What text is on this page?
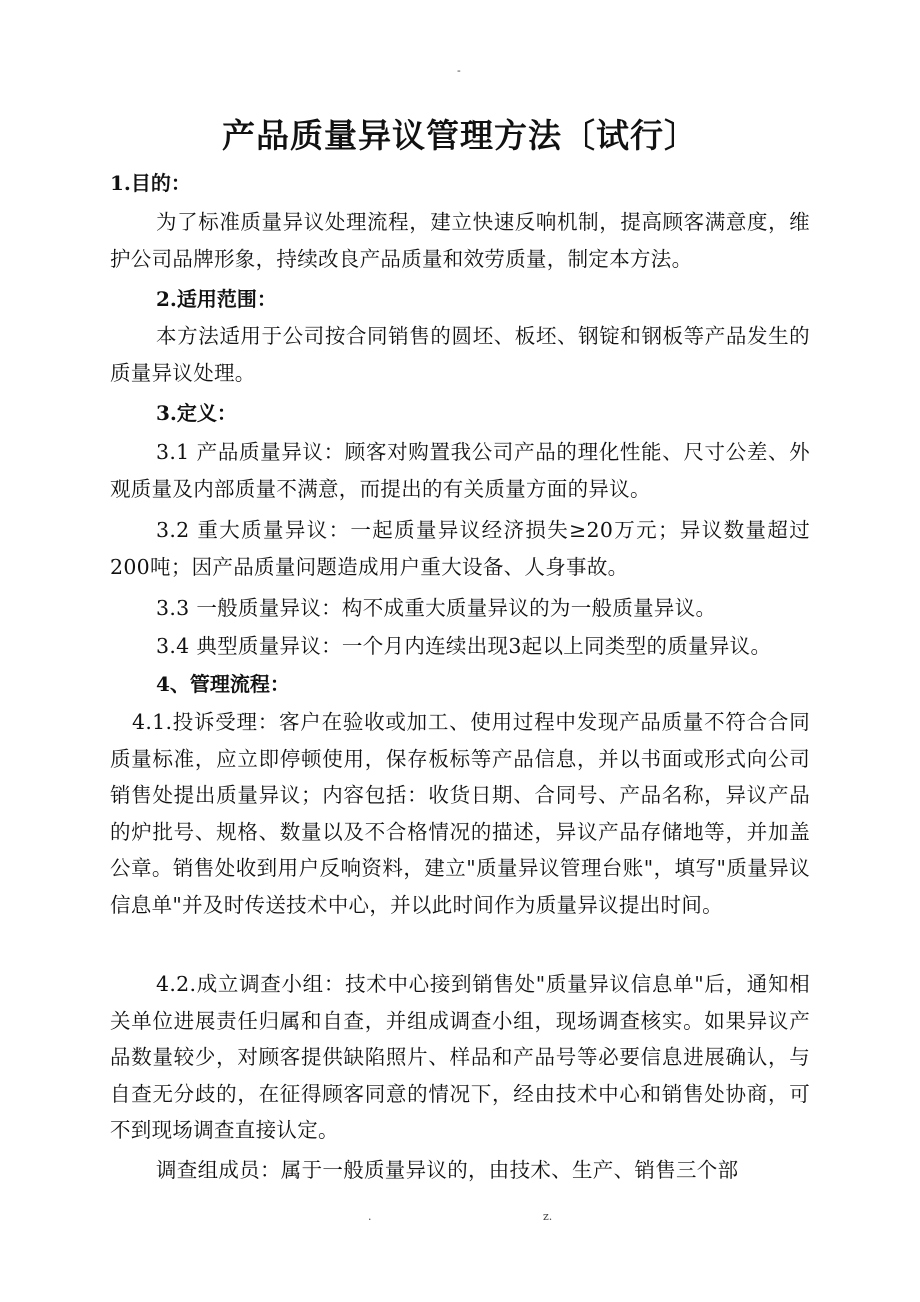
-
产品质量异议管理方法〔试行〕
1.目的：

为了标准质量异议处理流程，建立快速反响机制，提高顾客满意度，维护公司品牌形象，持续改良产品质量和效劳质量，制定本方法。

2.适用范围：

本方法适用于公司按合同销售的圆坯、板坯、钢锭和钢板等产品发生的质量异议处理。

3.定义：

3.1 产品质量异议：顾客对购置我公司产品的理化性能、尺寸公差、外观质量及内部质量不满意，而提出的有关质量方面的异议。

3.2 重大质量异议：一起质量异议经济损失≥20万元；异议数量超过200吨；因产品质量问题造成用户重大设备、人身事故。

3.3 一般质量异议：构不成重大质量异议的为一般质量异议。

3.4 典型质量异议：一个月内连续出现3起以上同类型的质量异议。

4、管理流程：

4.1.投诉受理：客户在验收或加工、使用过程中发现产品质量不符合合同质量标准，应立即停顿使用，保存板标等产品信息，并以书面或形式向公司销售处提出质量异议；内容包括：收货日期、合同号、产品名称，异议产品的炉批号、规格、数量以及不合格情况的描述，异议产品存储地等，并加盖公章。销售处收到用户反响资料，建立"质量异议管理台账"，填写"质量异议信息单"并及时传送技术中心，并以此时间作为质量异议提出时间。

4.2.成立调查小组：技术中心接到销售处"质量异议信息单"后，通知相关单位进展责任归属和自查，并组成调查小组，现场调查核实。如果异议产品数量较少，对顾客提供缺陷照片、样品和产品号等必要信息进展确认，与自查无分歧的，在征得顾客同意的情况下，经由技术中心和销售处协商，可不到现场调查直接认定。

调查组成员：属于一般质量异议的，由技术、生产、销售三个部

.	z.
